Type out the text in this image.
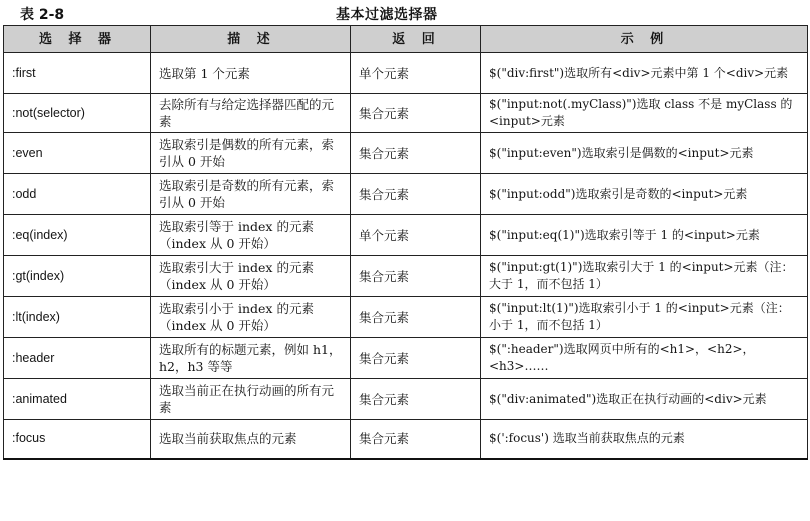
表 2-8	基本过滤选择器
选 择 器	描 述	返 回	示 例
:first	选取第 1 个元素	单个元素	$("div:first")选取所有<div>元素中第 1 个<div>元素
:not(selector)	去除所有与给定选择器匹配的元素	集合元素	$("input:not(.myClass)")选取 class 不是 myClass 的<input>元素
:even	选取索引是偶数的所有元素，索引从 0 开始	集合元素	$("input:even")选取索引是偶数的<input>元素
:odd	选取索引是奇数的所有元素，索引从 0 开始	集合元素	$("input:odd")选取索引是奇数的<input>元素
:eq(index)	选取索引等于 index 的元素（index 从 0 开始）	单个元素	$("input:eq(1)")选取索引等于 1 的<input>元素
:gt(index)	选取索引大于 index 的元素（index 从 0 开始）	集合元素	$("input:gt(1)")选取索引大于 1 的<input>元素（注：大于 1，而不包括 1）
:lt(index)	选取索引小于 index 的元素（index 从 0 开始）	集合元素	$("input:lt(1)")选取索引小于 1 的<input>元素（注：小于 1，而不包括 1）
:header	选取所有的标题元素，例如 h1，h2，h3 等等	集合元素	$(":header")选取网页中所有的<h1>，<h2>，<h3>……
:animated	选取当前正在执行动画的所有元素	集合元素	$("div:animated")选取正在执行动画的<div>元素
:focus	选取当前获取焦点的元素	集合元素	$(':focus') 选取当前获取焦点的元素
